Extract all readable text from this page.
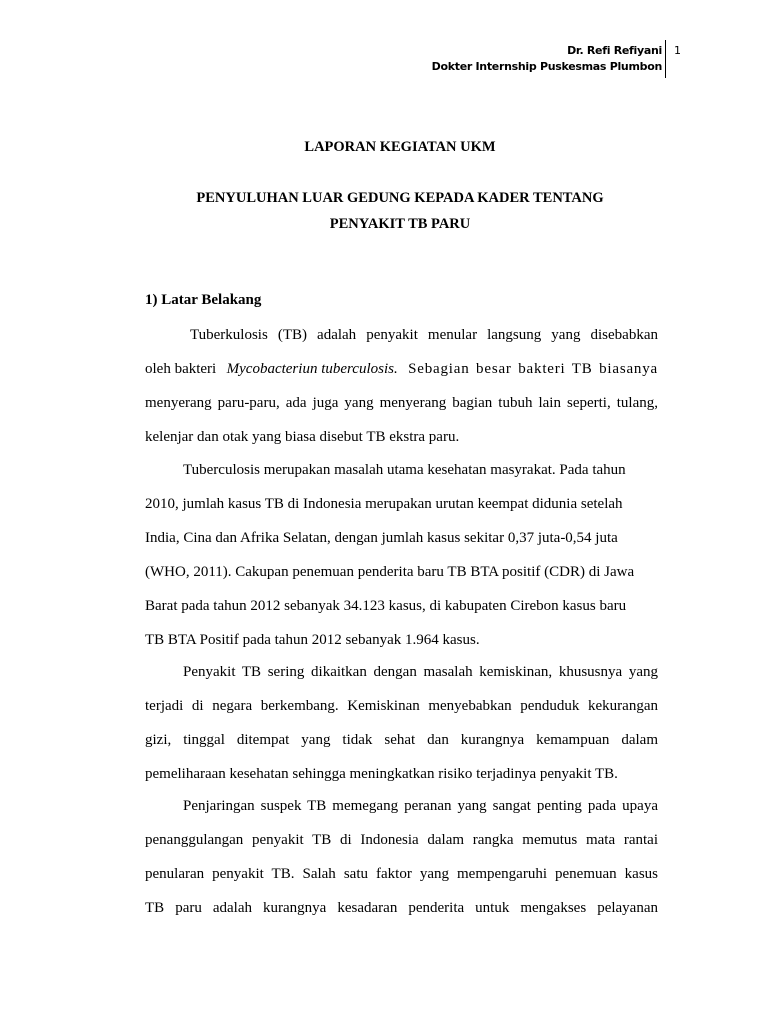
Dr. Refi Refiyani
Dokter Internship Puskesmas Plumbon
1
LAPORAN KEGIATAN UKM
PENYULUHAN LUAR GEDUNG KEPADA KADER TENTANG
PENYAKIT TB PARU
1) Latar Belakang
Tuberkulosis (TB) adalah penyakit menular langsung yang disebabkan
oleh bakteri Mycobacteriun tuberculosis. Sebagian besar bakteri TB biasanya
menyerang paru-paru, ada juga yang menyerang bagian tubuh lain seperti, tulang,
kelenjar dan otak yang biasa disebut TB ekstra paru.
Tuberculosis merupakan masalah utama kesehatan masyrakat. Pada tahun
2010, jumlah kasus TB di Indonesia merupakan urutan keempat didunia setelah
India, Cina dan Afrika Selatan, dengan jumlah kasus sekitar 0,37 juta-0,54 juta
(WHO, 2011). Cakupan penemuan penderita baru TB BTA positif (CDR) di Jawa
Barat pada tahun 2012 sebanyak 34.123 kasus, di kabupaten Cirebon kasus baru
TB BTA Positif pada tahun 2012 sebanyak 1.964 kasus.
Penyakit TB sering dikaitkan dengan masalah kemiskinan, khususnya yang
terjadi di negara berkembang. Kemiskinan menyebabkan penduduk kekurangan
gizi, tinggal ditempat yang tidak sehat dan kurangnya kemampuan dalam
pemeliharaan kesehatan sehingga meningkatkan risiko terjadinya penyakit TB.
Penjaringan suspek TB memegang peranan yang sangat penting pada upaya
penanggulangan penyakit TB di Indonesia dalam rangka memutus mata rantai
penularan penyakit TB. Salah satu faktor yang mempengaruhi penemuan kasus
TB paru adalah kurangnya kesadaran penderita untuk mengakses pelayanan
